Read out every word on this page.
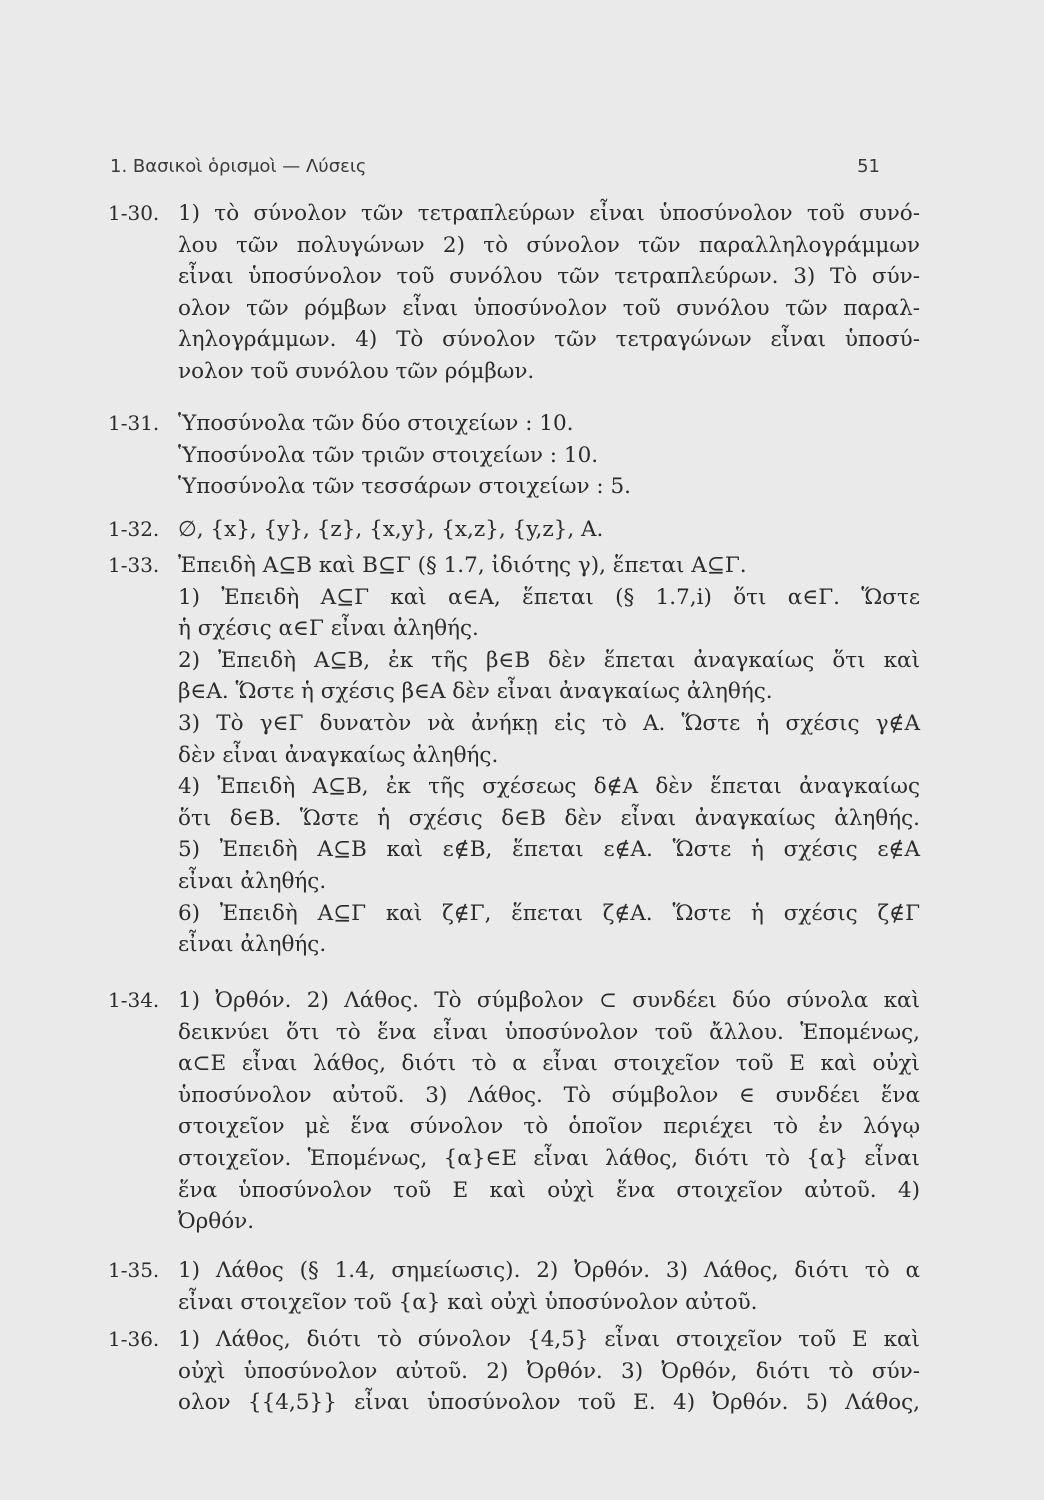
1. Βασικοὶ ὁρισμοὶ — Λύσεις	51
1-30. 1) τὸ σύνολον τῶν τετραπλεύρων εἶναι ὑποσύνολον τοῦ συνό-
λου τῶν πολυγώνων 2) τὸ σύνολον τῶν παραλληλογράμμων
εἶναι ὑποσύνολον τοῦ συνόλου τῶν τετραπλεύρων. 3) Τὸ σύν-
ολον τῶν ρόμβων εἶναι ὑποσύνολον τοῦ συνόλου τῶν παραλ-
ληλογράμμων. 4) Τὸ σύνολον τῶν τετραγώνων εἶναι ὑποσύ-
νολον τοῦ συνόλου τῶν ρόμβων.
1-31. Ὑποσύνολα τῶν δύο στοιχείων : 10.
Ὑποσύνολα τῶν τριῶν στοιχείων : 10.
Ὑποσύνολα τῶν τεσσάρων στοιχείων : 5.
1-32. ∅, {x}, {y}, {z}, {x,y}, {x,z}, {y,z}, A.
1-33. Ἐπειδὴ A⊆B καὶ B⊆Γ (§ 1.7, ἰδιότης γ), ἕπεται A⊆Γ.
1) Ἐπειδὴ A⊆Γ καὶ α∈A, ἕπεται (§ 1.7,i) ὅτι α∈Γ. Ὥστε
ἡ σχέσις α∈Γ εἶναι ἀληθής.
2) Ἐπειδὴ A⊆B, ἐκ τῆς β∈B δὲν ἕπεται ἀναγκαίως ὅτι καὶ
β∈A. Ὥστε ἡ σχέσις β∈A δὲν εἶναι ἀναγκαίως ἀληθής.
3) Τὸ γ∈Γ δυνατὸν νὰ ἀνήκῃ εἰς τὸ A. Ὥστε ἡ σχέσις γ∉A
δὲν εἶναι ἀναγκαίως ἀληθής.
4) Ἐπειδὴ A⊆B, ἐκ τῆς σχέσεως δ∉A δὲν ἕπεται ἀναγκαίως
ὅτι δ∈B. Ὥστε ἡ σχέσις δ∈B δὲν εἶναι ἀναγκαίως ἀληθής.
5) Ἐπειδὴ A⊆B καὶ ε∉B, ἕπεται ε∉A. Ὥστε ἡ σχέσις ε∉A
εἶναι ἀληθής.
6) Ἐπειδὴ A⊆Γ καὶ ζ∉Γ, ἕπεται ζ∉A. Ὥστε ἡ σχέσις ζ∉Γ
εἶναι ἀληθής.
1-34. 1) Ὀρθόν. 2) Λάθος. Τὸ σύμβολον ⊂ συνδέει δύο σύνολα καὶ
δεικνύει ὅτι τὸ ἕνα εἶναι ὑποσύνολον τοῦ ἄλλου. Ἑπομένως,
α⊂E εἶναι λάθος, διότι τὸ α εἶναι στοιχεῖον τοῦ E καὶ οὐχὶ
ὑποσύνολον αὐτοῦ. 3) Λάθος. Τὸ σύμβολον ∈ συνδέει ἕνα
στοιχεῖον μὲ ἕνα σύνολον τὸ ὁποῖον περιέχει τὸ ἐν λόγῳ
στοιχεῖον. Ἑπομένως, {α}∈E εἶναι λάθος, διότι τὸ {α} εἶναι
ἕνα ὑποσύνολον τοῦ E καὶ οὐχὶ ἕνα στοιχεῖον αὐτοῦ. 4)
Ὀρθόν.
1-35. 1) Λάθος (§ 1.4, σημείωσις). 2) Ὀρθόν. 3) Λάθος, διότι τὸ α
εἶναι στοιχεῖον τοῦ {α} καὶ οὐχὶ ὑποσύνολον αὐτοῦ.
1-36. 1) Λάθος, διότι τὸ σύνολον {4,5} εἶναι στοιχεῖον τοῦ E καὶ
οὐχὶ ὑποσύνολον αὐτοῦ. 2) Ὀρθόν. 3) Ὀρθόν, διότι τὸ σύν-
ολον {{4,5}} εἶναι ὑποσύνολον τοῦ E. 4) Ὀρθόν. 5) Λάθος,
